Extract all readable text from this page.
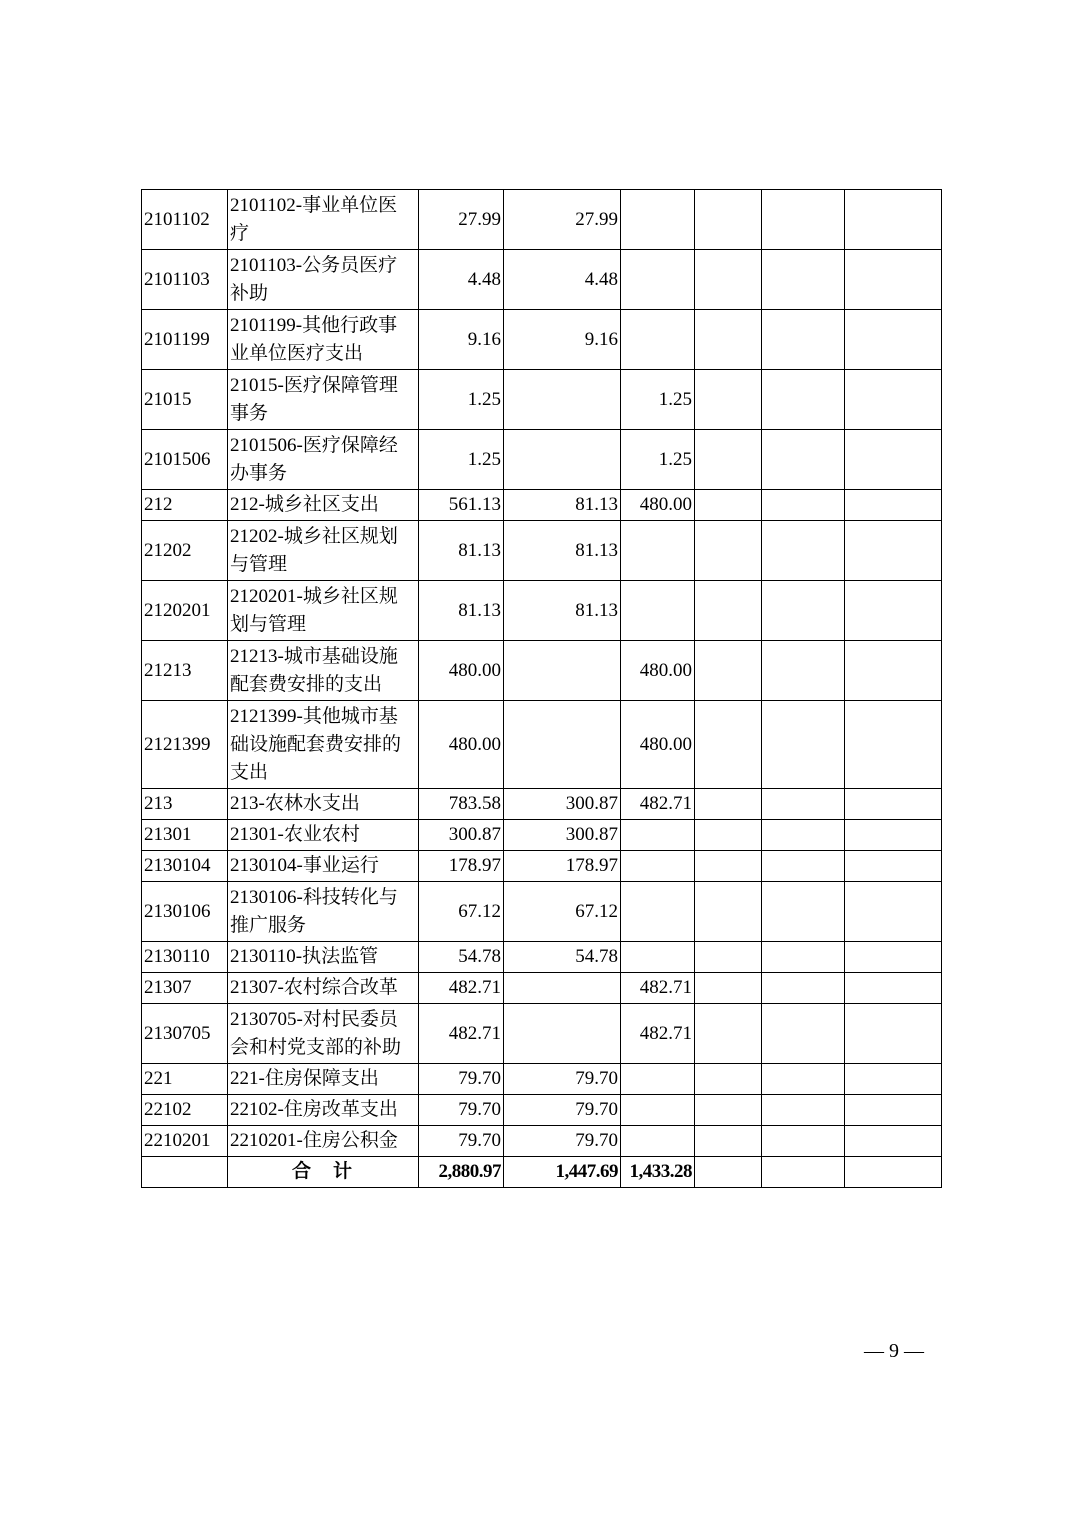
2101102	2101102-事业单位医疗	27.99	27.99				
2101103	2101103-公务员医疗补助	4.48	4.48				
2101199	2101199-其他行政事业单位医疗支出	9.16	9.16				
21015	21015-医疗保障管理事务	1.25		1.25			
2101506	2101506-医疗保障经办事务	1.25		1.25			
212	212-城乡社区支出	561.13	81.13	480.00			
21202	21202-城乡社区规划与管理	81.13	81.13				
2120201	2120201-城乡社区规划与管理	81.13	81.13				
21213	21213-城市基础设施配套费安排的支出	480.00		480.00			
2121399	2121399-其他城市基础设施配套费安排的支出	480.00		480.00			
213	213-农林水支出	783.58	300.87	482.71			
21301	21301-农业农村	300.87	300.87				
2130104	2130104-事业运行	178.97	178.97				
2130106	2130106-科技转化与推广服务	67.12	67.12				
2130110	2130110-执法监管	54.78	54.78				
21307	21307-农村综合改革	482.71		482.71			
2130705	2130705-对村民委员会和村党支部的补助	482.71		482.71			
221	221-住房保障支出	79.70	79.70				
22102	22102-住房改革支出	79.70	79.70				
2210201	2210201-住房公积金	79.70	79.70				
	合计	2,880.97	1,447.69	1,433.28			
— 9 —
